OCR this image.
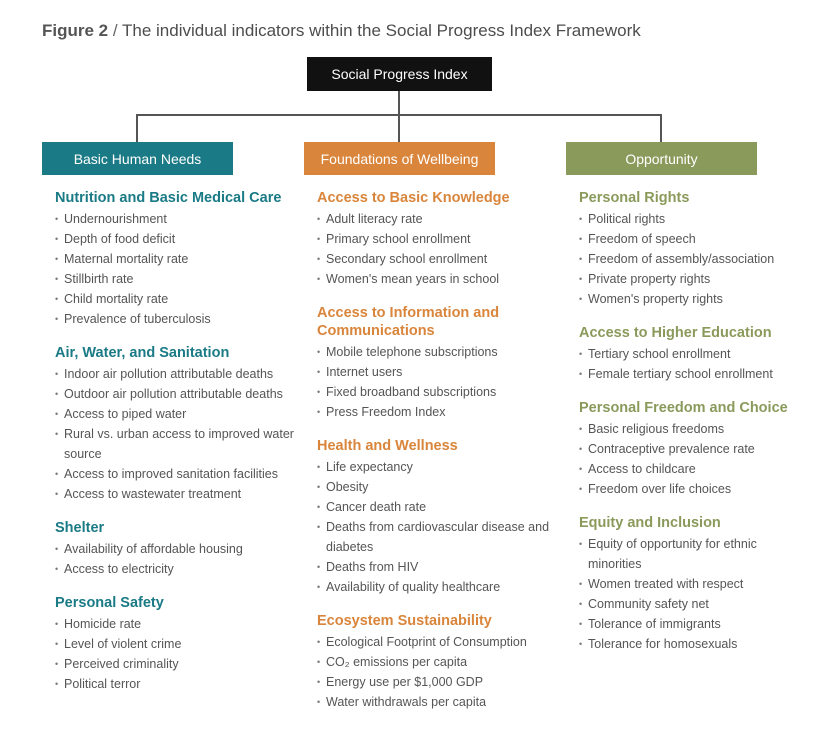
Figure 2 / The individual indicators within the Social Progress Index Framework
Social Progress Index
Basic Human Needs	Foundations of Wellbeing	Opportunity
Nutrition and Basic Medical Care
• Undernourishment
• Depth of food deficit
• Maternal mortality rate
• Stillbirth rate
• Child mortality rate
• Prevalence of tuberculosis
Air, Water, and Sanitation
• Indoor air pollution attributable deaths
• Outdoor air pollution attributable deaths
• Access to piped water
• Rural vs. urban access to improved water source
• Access to improved sanitation facilities
• Access to wastewater treatment
Shelter
• Availability of affordable housing
• Access to electricity
Personal Safety
• Homicide rate
• Level of violent crime
• Perceived criminality
• Political terror
Access to Basic Knowledge
• Adult literacy rate
• Primary school enrollment
• Secondary school enrollment
• Women's mean years in school
Access to Information and Communications
• Mobile telephone subscriptions
• Internet users
• Fixed broadband subscriptions
• Press Freedom Index
Health and Wellness
• Life expectancy
• Obesity
• Cancer death rate
• Deaths from cardiovascular disease and diabetes
• Deaths from HIV
• Availability of quality healthcare
Ecosystem Sustainability
• Ecological Footprint of Consumption
• CO₂ emissions per capita
• Energy use per $1,000 GDP
• Water withdrawals per capita
Personal Rights
• Political rights
• Freedom of speech
• Freedom of assembly/association
• Private property rights
• Women's property rights
Access to Higher Education
• Tertiary school enrollment
• Female tertiary school enrollment
Personal Freedom and Choice
• Basic religious freedoms
• Contraceptive prevalence rate
• Access to childcare
• Freedom over life choices
Equity and Inclusion
• Equity of opportunity for ethnic minorities
• Women treated with respect
• Community safety net
• Tolerance of immigrants
• Tolerance for homosexuals
